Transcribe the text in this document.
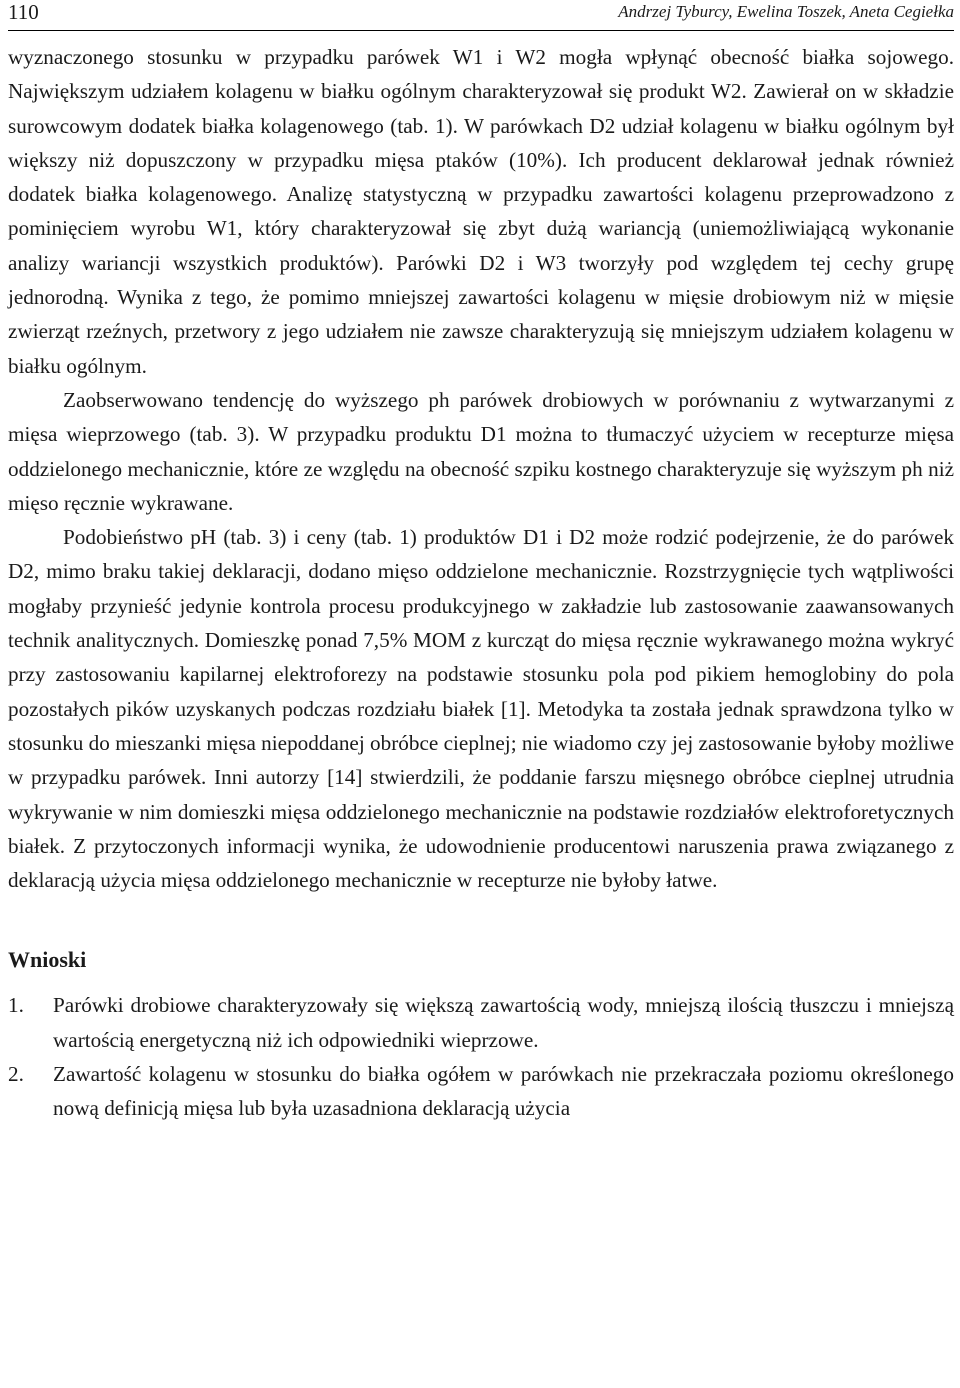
110	Andrzej Tyburcy, Ewelina Toszek, Aneta Cegiełka

wyznaczonego stosunku w przypadku parówek W1 i W2 mogła wpłynąć obecność białka sojowego. Największym udziałem kolagenu w białku ogólnym charakteryzował się produkt W2. Zawierał on w składzie surowcowym dodatek białka kolagenowego (tab. 1). W parówkach D2 udział kolagenu w białku ogólnym był większy niż dopuszczony w przypadku mięsa ptaków (10%). Ich producent deklarował jednak również dodatek białka kolagenowego. Analizę statystyczną w przypadku zawartości kolagenu przeprowadzono z pominięciem wyrobu W1, który charakteryzował się zbyt dużą wariancją (uniemożliwiającą wykonanie analizy wariancji wszystkich produktów). Parówki D2 i W3 tworzyły pod względem tej cechy grupę jednorodną. Wynika z tego, że pomimo mniejszej zawartości kolagenu w mięsie drobiowym niż w mięsie zwierząt rzeźnych, przetwory z jego udziałem nie zawsze charakteryzują się mniejszym udziałem kolagenu w białku ogólnym.

Zaobserwowano tendencję do wyższego ph parówek drobiowych w porównaniu z wytwarzanymi z mięsa wieprzowego (tab. 3). W przypadku produktu D1 można to tłumaczyć użyciem w recepturze mięsa oddzielonego mechanicznie, które ze względu na obecność szpiku kostnego charakteryzuje się wyższym ph niż mięso ręcznie wykrawane.

Podobieństwo pH (tab. 3) i ceny (tab. 1) produktów D1 i D2 może rodzić podejrzenie, że do parówek D2, mimo braku takiej deklaracji, dodano mięso oddzielone mechanicznie. Rozstrzygnięcie tych wątpliwości mogłaby przynieść jedynie kontrola procesu produkcyjnego w zakładzie lub zastosowanie zaawansowanych technik analitycznych. Domieszkę ponad 7,5% MOM z kurcząt do mięsa ręcznie wykrawanego można wykryć przy zastosowaniu kapilarnej elektroforezy na podstawie stosunku pola pod pikiem hemoglobiny do pola pozostałych pików uzyskanych podczas rozdziału białek [1]. Metodyka ta została jednak sprawdzona tylko w stosunku do mieszanki mięsa niepoddanej obróbce cieplnej; nie wiadomo czy jej zastosowanie byłoby możliwe w przypadku parówek. Inni autorzy [14] stwierdzili, że poddanie farszu mięsnego obróbce cieplnej utrudnia wykrywanie w nim domieszki mięsa oddzielonego mechanicznie na podstawie rozdziałów elektroforetycznych białek. Z przytoczonych informacji wynika, że udowodnienie producentowi naruszenia prawa związanego z deklaracją użycia mięsa oddzielonego mechanicznie w recepturze nie byłoby łatwe.

Wnioski
1.	Parówki drobiowe charakteryzowały się większą zawartością wody, mniejszą ilością tłuszczu i mniejszą wartością energetyczną niż ich odpowiedniki wieprzowe.
2.	Zawartość kolagenu w stosunku do białka ogółem w parówkach nie przekraczała poziomu określonego nową definicją mięsa lub była uzasadniona deklaracją użycia
